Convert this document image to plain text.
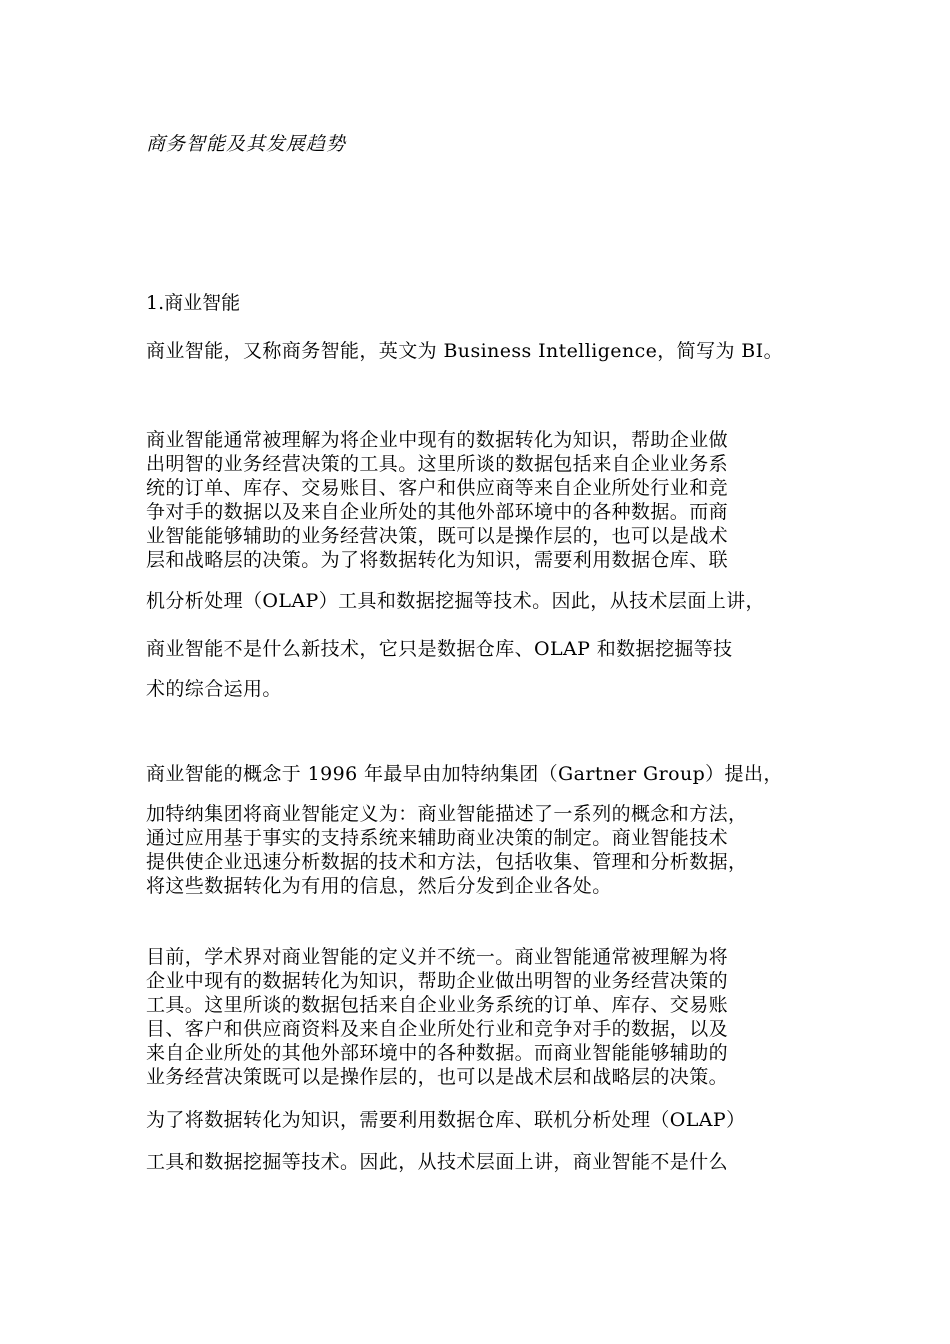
商务智能及其发展趋势
1.商业智能
商业智能，又称商务智能，英文为 Business Intelligence，简写为 BI。
商业智能通常被理解为将企业中现有的数据转化为知识，帮助企业做
出明智的业务经营决策的工具。这里所谈的数据包括来自企业业务系
统的订单、库存、交易账目、客户和供应商等来自企业所处行业和竞
争对手的数据以及来自企业所处的其他外部环境中的各种数据。而商
业智能能够辅助的业务经营决策，既可以是操作层的，也可以是战术
层和战略层的决策。为了将数据转化为知识，需要利用数据仓库、联
机分析处理（OLAP）工具和数据挖掘等技术。因此，从技术层面上讲，
商业智能不是什么新技术，它只是数据仓库、OLAP 和数据挖掘等技
术的综合运用。
商业智能的概念于 1996 年最早由加特纳集团（Gartner Group）提出，
加特纳集团将商业智能定义为：商业智能描述了一系列的概念和方法，
通过应用基于事实的支持系统来辅助商业决策的制定。商业智能技术
提供使企业迅速分析数据的技术和方法，包括收集、管理和分析数据，
将这些数据转化为有用的信息，然后分发到企业各处。
目前，学术界对商业智能的定义并不统一。商业智能通常被理解为将
企业中现有的数据转化为知识，帮助企业做出明智的业务经营决策的
工具。这里所谈的数据包括来自企业业务系统的订单、库存、交易账
目、客户和供应商资料及来自企业所处行业和竞争对手的数据，以及
来自企业所处的其他外部环境中的各种数据。而商业智能能够辅助的
业务经营决策既可以是操作层的，也可以是战术层和战略层的决策。
为了将数据转化为知识，需要利用数据仓库、联机分析处理（OLAP）
工具和数据挖掘等技术。因此，从技术层面上讲，商业智能不是什么
